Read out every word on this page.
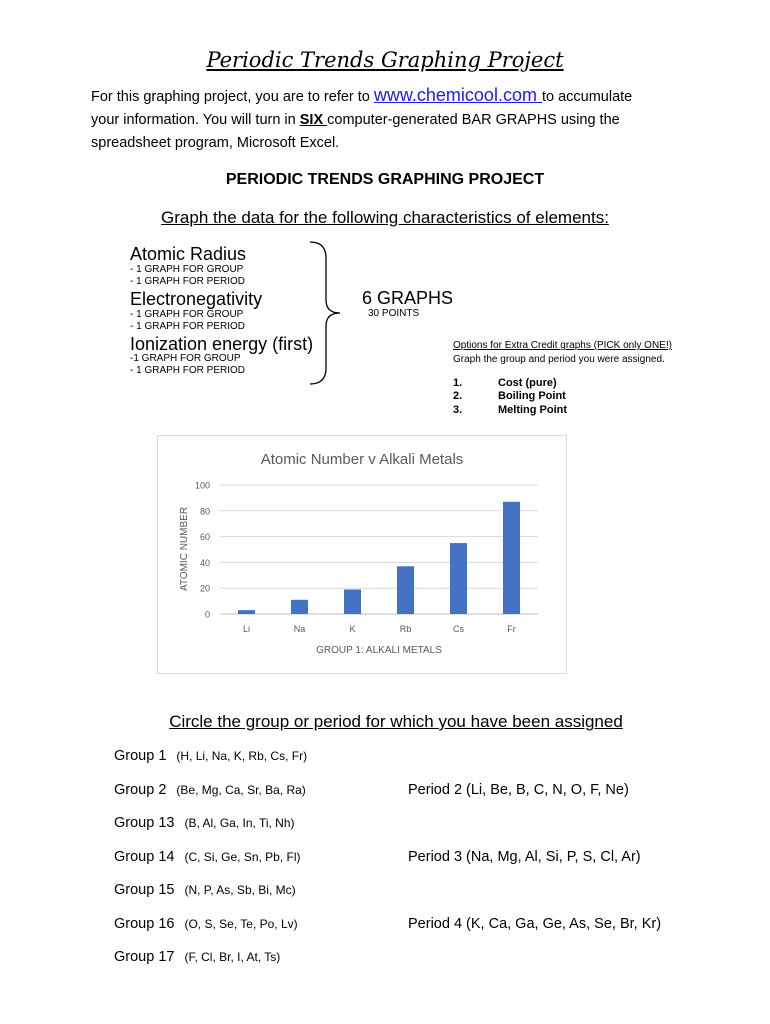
Periodic Trends Graphing Project
For this graphing project, you are to refer to www.chemicool.com to accumulate
your information. You will turn in SIX computer-generated BAR GRAPHS using the
spreadsheet program, Microsoft Excel.
PERIODIC TRENDS GRAPHING PROJECT
Graph the data for the following characteristics of elements:
Atomic Radius
- 1 GRAPH FOR GROUP
- 1 GRAPH FOR PERIOD
Electronegativity
- 1 GRAPH FOR GROUP
- 1 GRAPH FOR PERIOD
Ionization energy (first)
-1 GRAPH FOR GROUP
- 1 GRAPH FOR PERIOD
6 GRAPHS
30 POINTS
Options for Extra Credit graphs (PICK only ONE!)
Graph the group and period you were assigned.
1.	Cost (pure)
2.	Boiling Point
3.	Melting Point
Atomic Number v Alkali Metals
0
20
40
60
80
100
Li	Na	K	Rb	Cs	Fr
GROUP 1: ALKALI METALS
ATOMIC NUMBER
Circle the group or period for which you have been assigned
Group 1 (H, Li, Na, K, Rb, Cs, Fr)
Group 2 (Be, Mg, Ca, Sr, Ba, Ra)
Group 13 (B, Al, Ga, In, Ti, Nh)
Group 14 (C, Si, Ge, Sn, Pb, Fl)
Group 15 (N, P, As, Sb, Bi, Mc)
Group 16 (O, S, Se, Te, Po, Lv)
Group 17 (F, Cl, Br, I, At, Ts)
Period 2 (Li, Be, B, C, N, O, F, Ne)
Period 3 (Na, Mg, Al, Si, P, S, Cl, Ar)
Period 4 (K, Ca, Ga, Ge, As, Se, Br, Kr)
